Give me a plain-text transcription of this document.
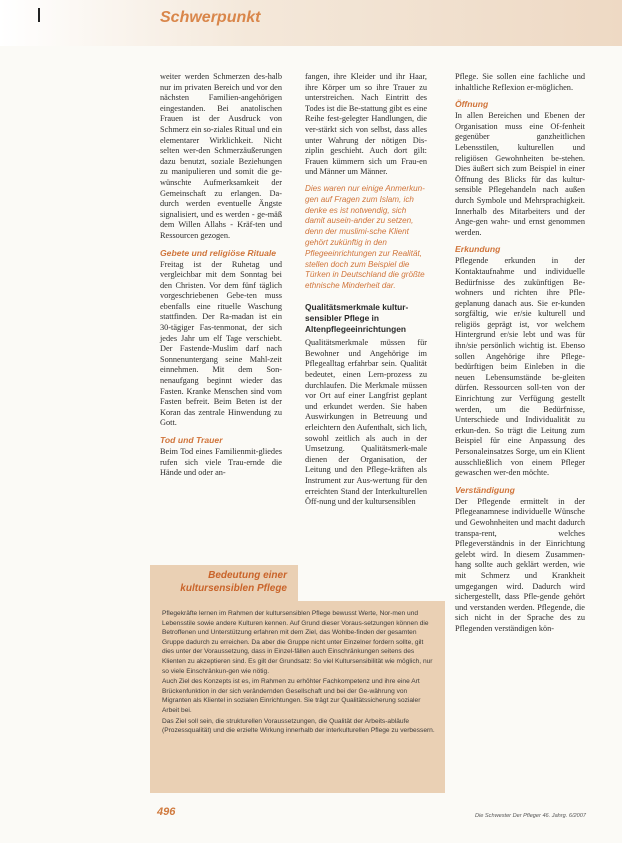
Schwerpunkt

weiter werden Schmerzen des-halb nur im privaten Bereich und vor den nächsten Familien-angehörigen eingestanden. Bei anatolischen Frauen ist der Ausdruck von Schmerz ein so-ziales Ritual und ein elementarer Wirklichkeit. Nicht selten wer-den Schmerzäußerungen dazu benutzt, soziale Beziehungen zu manipulieren und somit die ge-wünschte Aufmerksamkeit der Gemeinschaft zu erlangen. Da-durch werden eventuelle Ängste signalisiert, und es werden - ge-mäß dem Willen Allahs - Kräf-ten und Ressourcen gezogen.

Gebete und religiöse Rituale

Freitag ist der Ruhetag und vergleichbar mit dem Sonntag bei den Christen. Vor dem fünf täglich vorgeschriebenen Gebe-ten muss ebenfalls eine rituelle Waschung stattfinden. Der Ra-madan ist ein 30-tägiger Fas-tenmonat, der sich jedes Jahr um elf Tage verschiebt. Der Fastende-Muslim darf nach Sonnenuntergang seine Mahl-zeit einnehmen. Mit dem Son-nenaufgang beginnt wieder das Fasten. Kranke Menschen sind vom Fasten befreit. Beim Beten ist der Koran das zentrale Hinwendung zu Gott.

Tod und Trauer

Beim Tod eines Familienmit-gliedes rufen sich viele Trau-ernde die Hände und oder an-

fangen, ihre Kleider und ihr Haar, ihre Körper um so ihre Trauer zu unterstreichen. Nach Eintritt des Todes ist die Be-stattung gibt es eine Reihe fest-gelegter Handlungen, die ver-stärkt sich von selbst, dass alles unter Wahrung der nötigen Dis-ziplin geschieht. Auch dort gilt: Frauen kümmern sich um Frau-en und Männer um Männer.

Dies waren nur einige Anmerkun-gen auf Fragen zum Islam, ich denke es ist notwendig, sich damit ausein-ander zu setzen, denn der muslimi-sche Klient gehört zukünftig in den Pflegeeinrichtungen zur Realität, stellen doch zum Beispiel die Türken in Deutschland die größte ethnische Minderheit dar.
Qualitätsmerkmale kultur-sensibler Pflege in Altenpflegeeinrichtungen

Qualitätsmerkmale müssen für Bewohner und Angehörige im Pflegealltag erfahrbar sein. Qualität bedeutet, einen Lern-prozess zu durchlaufen. Die Merkmale müssen vor Ort auf einer Langfrist geplant und erkundet werden. Sie haben Auswirkungen in Betreuung und erleichtern den Aufenthalt, sich lich, sowohl zeitlich als auch in der Umsetzung. Qualitätsmerk-male dienen der Organisation, der Leitung und den Pflege-kräften als Instrument zur Aus-wertung für den erreichten Stand der Interkulturellen Öff-nung und der kultursensiblen

Pflege. Sie sollen eine fachliche und inhaltliche Reflexion er-möglichen.

Öffnung

In allen Bereichen und Ebenen der Organisation muss eine Of-fenheit gegenüber ganzheitlichen Lebensstilen, kulturellen und religiösen Gewohnheiten be-stehen. Dies äußert sich zum Beispiel in einer Öffnung des Blicks für das kultur-sensible Pflegehandeln nach außen durch Symbole und Mehrsprachigkeit. Innerhalb des Mitarbeiters und der Ange-gen wahr- und ernst genommen werden.

Erkundung

Pflegende erkunden in der Kontaktaufnahme und individuelle Bedürfnisse des zukünftigen Be-wohners und richten ihre Pfle-geplanung danach aus. Sie er-kunden sorgfältig, wie er/sie kulturell und religiös geprägt ist, vor welchem Hintergrund er/sie lebt und was für ihn/sie persönlich wichtig ist. Ebenso sollen Angehörige ihre Pflege-bedürftigen beim Einleben in die neuen Lebensumstände be-gleiten dürfen. Ressourcen soll-ten von der Einrichtung zur Verfügung gestellt werden, um die Bedürfnisse, Unterschiede und Individualität zu erkun-den. So trägt die Leitung zum Beispiel für eine Anpassung des Personaleinsatzes Sorge, um ein Klient ausschließlich von einem Pfleger gewaschen wer-den möchte.

Verständigung

Der Pflegende ermittelt in der Pflegeanamnese individuelle Wünsche und Gewohnheiten und macht dadurch transpa-rent, welches Pflegeverständnis in der Einrichtung gelebt wird. In diesem Zusammen-hang sollte auch geklärt werden, wie mit Schmerz und Krankheit umgegangen wird. Dadurch wird sichergestellt, dass Pfle-gende gehört und verstanden werden. Pflegende, die sich nicht in der Sprache des zu Pflegenden verständigen kön-

Bedeutung einer kultursensiblen Pflege

Pflegekräfte lernen im Rahmen der kultursensiblen Pflege bewusst Werte, Nor-men und Lebensstile sowie andere Kulturen kennen. Auf Grund dieser Voraus-setzungen können die Betroffenen und Unterstützung erfahren mit dem Ziel, das Wohlbe-finden der gesamten Gruppe dadurch zu erreichen. Da aber die Gruppe nicht unter Einzelner fordern sollte, gilt dies unter der Voraussetzung, dass in Einzel-fällen auch Einschränkungen seitens des Klienten zu akzeptieren sind. Es gilt der Grundsatz: So viel Kultursensibilität wie möglich, nur so viele Einschränkun-gen wie nötig.

Auch Ziel des Konzepts ist es, im Rahmen zu erhöhter Fachkompetenz und ihre eine Art Brückenfunktion in der sich verändernden Gesellschaft und bei der Ge-währung von Migranten als Klientel in sozialen Einrichtungen. Sie trägt zur Qualitätssicherung sozialer Arbeit bei.

Das Ziel soll sein, die strukturellen Voraussetzungen, die Qualität der Arbeits-abläufe (Prozessqualität) und die erzielte Wirkung innerhalb der interkulturellen Pflege zu verbessern.

496	Die Schwester Der Pfleger 46. Jahrg. 6/2007
